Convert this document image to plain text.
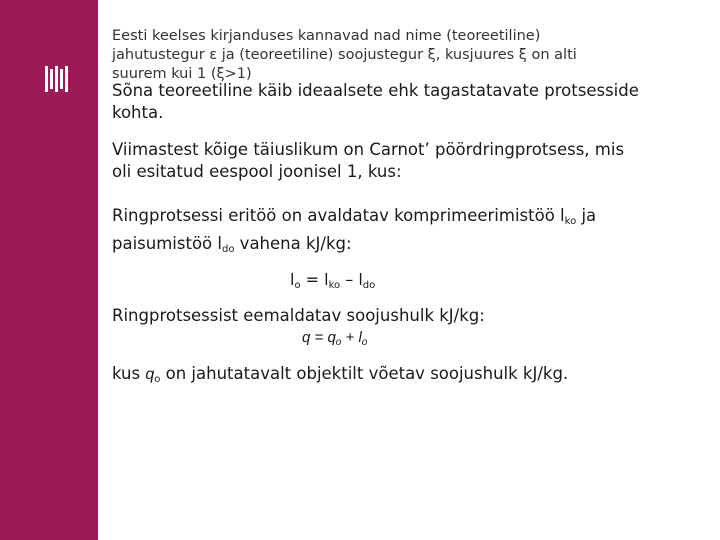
Eesti keelses kirjanduses kannavad nad nime (teoreetiline)
jahutustegur ε ja (teoreetiline) soojustegur ξ, kusjuures ξ on alti
suurem kui 1 (ξ>1)
Sõna teoreetiline käib ideaalsete ehk tagastatavate protsesside
kohta.
Viimastest kõige täiuslikum on Carnot’ pöördringprotsess, mis
oli esitatud eespool joonisel 1, kus:
Ringprotsessi eritöö on avaldatav komprimeerimistöö $l_{ko}$ ja
paisumistöö $l_{do}$ vahena kJ/kg:
$l_o = l_{ko} - l_{do}$
Ringprotsessist eemaldatav soojushulk kJ/kg:
$q = q_o + l_o$
kus $q_o$ on jahutatavalt objektilt võetav soojushulk kJ/kg.
